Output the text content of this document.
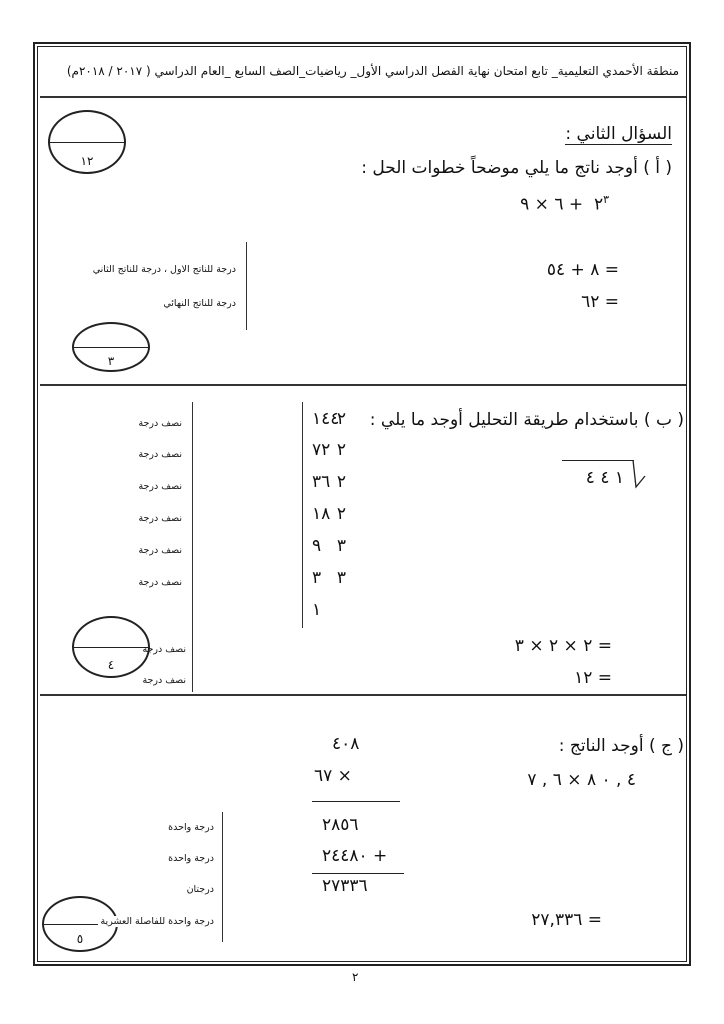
منطقة الأحمدي التعليمية_ تابع امتحان نهاية الفصل الدراسي الأول_ رياضيات_الصف السابع _العام الدراسي ( ٢٠١٧ / ٢٠١٨م)
١٢
السؤال الثاني :
( أ ) أوجد ناتج ما يلي موضحاً خطوات الحل :
$٢^٣$  + ٦ × ٩
درجة للناتج الاول ، درجة للناتج الثاني
درجة للناتج النهائي
= ٨ + ٥٤
= ٦٢
٣
( ب ) باستخدام طريقة التحليل أوجد ما يلي :
١ ٤ ٤
٢
٢
٢
٢
٣
٣
١٤٤
٧٢
٣٦
١٨
٩
٣
١
نصف درجة
نصف درجة
نصف درجة
نصف درجة
نصف درجة
نصف درجة
٤
= ٢ × ٢ × ٣
= ١٢
نصف درجة
نصف درجة
( ج ) أوجد الناتج :
٤ , ٠ ٨ × ٦ , ٧
٤٠٨
× ٦٧
٢٨٥٦
+ ٢٤٤٨٠
٢٧٣٣٦
= ٢٧,٣٣٦
درجة واحدة
درجة واحدة
درجتان
٥
درجة واحدة للفاصلة العشرية
٢
